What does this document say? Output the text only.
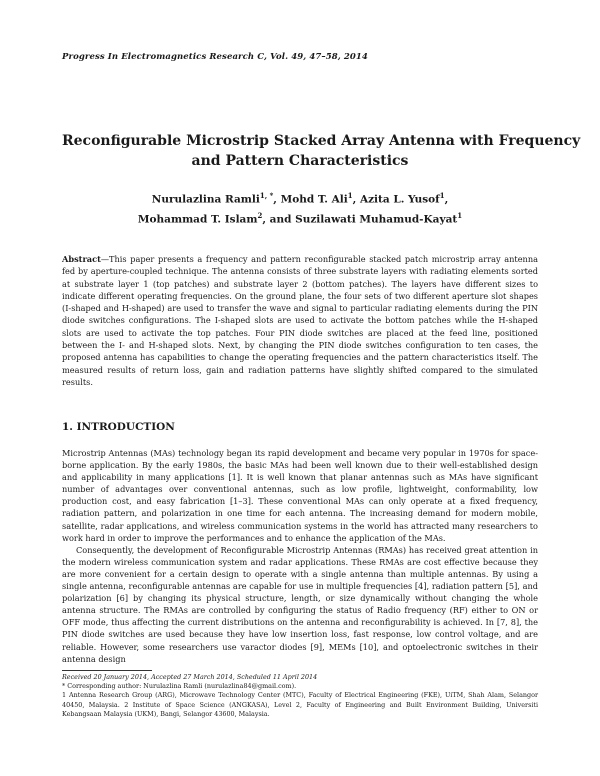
Progress In Electromagnetics Research C, Vol. 49, 47–58, 2014
Reconfigurable Microstrip Stacked Array Antenna with Frequency
and Pattern Characteristics
Nurulazlina Ramli$^{1, *}$, Mohd T. Ali$^1$, Azita L. Yusof$^1$,
Mohammad T. Islam$^2$, and Suzilawati Muhamud-Kayat$^1$
Abstract—This paper presents a frequency and pattern reconfigurable stacked patch microstrip array antenna fed by aperture-coupled technique. The antenna consists of three substrate layers with radiating elements sorted at substrate layer 1 (top patches) and substrate layer 2 (bottom patches). The layers have different sizes to indicate different operating frequencies. On the ground plane, the four sets of two different aperture slot shapes (I-shaped and H-shaped) are used to transfer the wave and signal to particular radiating elements during the PIN diode switches configurations. The I-shaped slots are used to activate the bottom patches while the H-shaped slots are used to activate the top patches. Four PIN diode switches are placed at the feed line, positioned between the I- and H-shaped slots. Next, by changing the PIN diode switches configuration to ten cases, the proposed antenna has capabilities to change the operating frequencies and the pattern characteristics itself. The measured results of return loss, gain and radiation patterns have slightly shifted compared to the simulated results.
1. INTRODUCTION

Microstrip Antennas (MAs) technology began its rapid development and became very popular in 1970s for space-borne application. By the early 1980s, the basic MAs had been well known due to their well-established design and applicability in many applications [1]. It is well known that planar antennas such as MAs have significant number of advantages over conventional antennas, such as low profile, lightweight, conformability, low production cost, and easy fabrication [1–3]. These conventional MAs can only operate at a fixed frequency, radiation pattern, and polarization in one time for each antenna. The increasing demand for modern mobile, satellite, radar applications, and wireless communication systems in the world has attracted many researchers to work hard in order to improve the performances and to enhance the application of the MAs.

Consequently, the development of Reconfigurable Microstrip Antennas (RMAs) has received great attention in the modern wireless communication system and radar applications. These RMAs are cost effective because they are more convenient for a certain design to operate with a single antenna than multiple antennas. By using a single antenna, reconfigurable antennas are capable for use in multiple frequencies [4], radiation pattern [5], and polarization [6] by changing its physical structure, length, or size dynamically without changing the whole antenna structure. The RMAs are controlled by configuring the status of Radio frequency (RF) either to ON or OFF mode, thus affecting the current distributions on the antenna and reconfigurability is achieved. In [7, 8], the PIN diode switches are used because they have low insertion loss, fast response, low control voltage, and are reliable. However, some researchers use varactor diodes [9], MEMs [10], and optoelectronic switches in their antenna design

Received 20 January 2014, Accepted 27 March 2014, Scheduled 11 April 2014
* Corresponding author: Nurulazlina Ramli (nurulazlina84@gmail.com).
1 Antenna Research Group (ARG), Microwave Technology Center (MTC), Faculty of Electrical Engineering (FKE), UiTM, Shah Alam, Selangor 40450, Malaysia. 2 Institute of Space Science (ANGKASA), Level 2, Faculty of Engineering and Built Environment Building, Universiti Kebangsaan Malaysia (UKM), Bangi, Selangor 43600, Malaysia.
